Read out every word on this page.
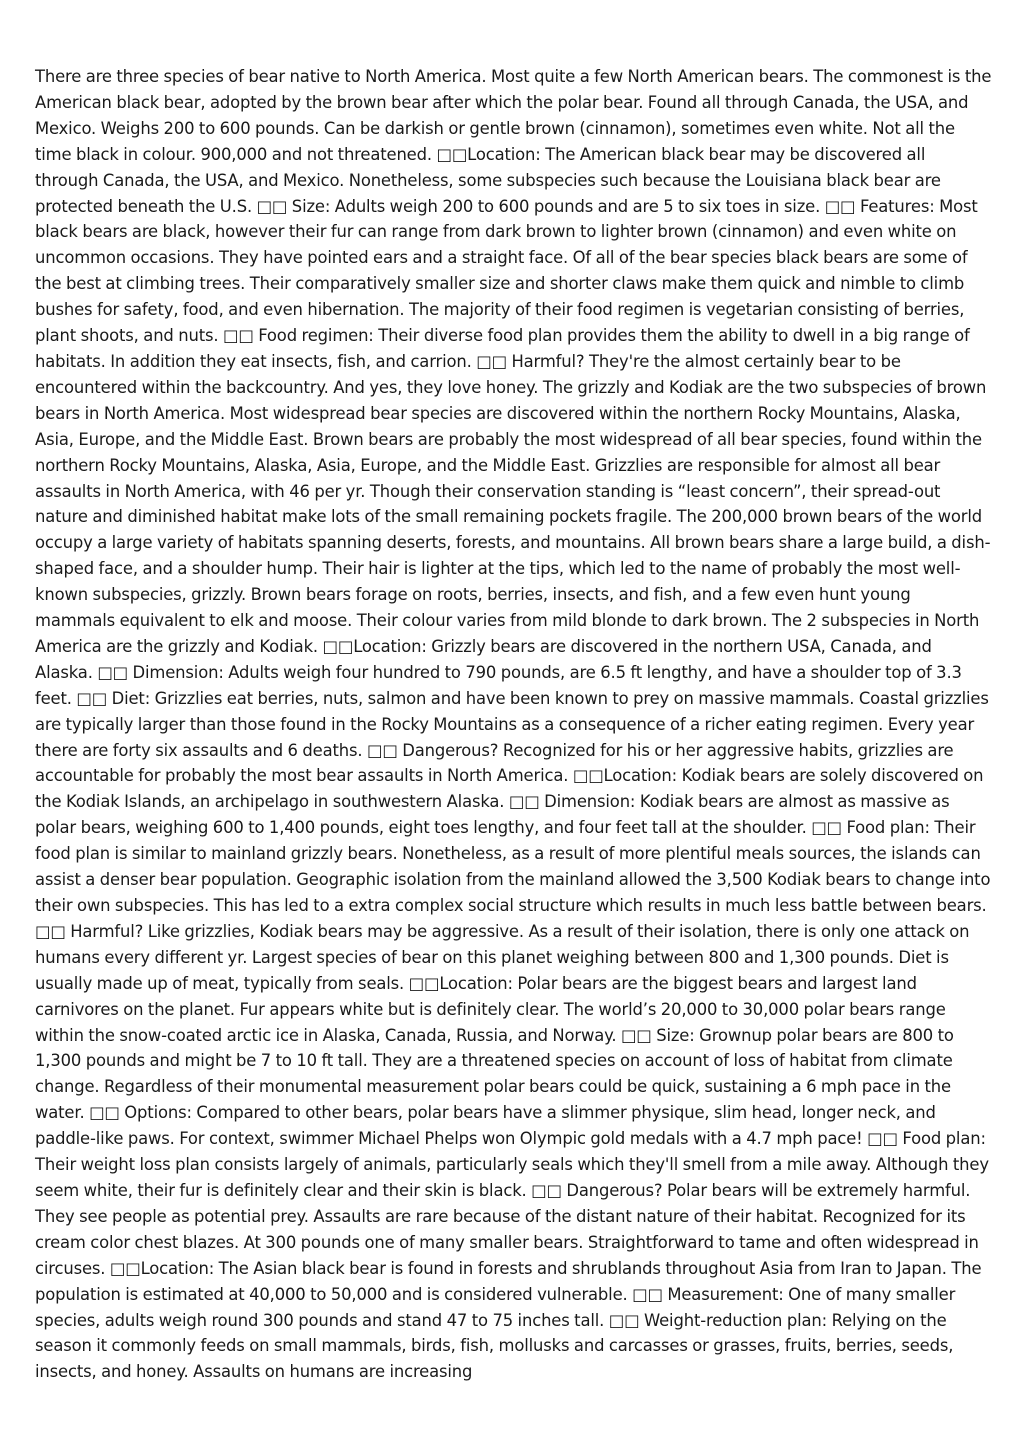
There are three species of bear native to North America. Most quite a few North American bears. The commonest is the American black bear, adopted by the brown bear after which the polar bear. Found all through Canada, the USA, and Mexico. Weighs 200 to 600 pounds. Can be darkish or gentle brown (cinnamon), sometimes even white. Not all the time black in colour. 900,000 and not threatened. □□Location: The American black bear may be discovered all through Canada, the USA, and Mexico. Nonetheless, some subspecies such because the Louisiana black bear are protected beneath the U.S. □□ Size: Adults weigh 200 to 600 pounds and are 5 to six toes in size. □□ Features: Most black bears are black, however their fur can range from dark brown to lighter brown (cinnamon) and even white on uncommon occasions. They have pointed ears and a straight face. Of all of the bear species black bears are some of the best at climbing trees. Their comparatively smaller size and shorter claws make them quick and nimble to climb bushes for safety, food, and even hibernation. The majority of their food regimen is vegetarian consisting of berries, plant shoots, and nuts. □□ Food regimen: Their diverse food plan provides them the ability to dwell in a big range of habitats. In addition they eat insects, fish, and carrion. □□ Harmful? They're the almost certainly bear to be encountered within the backcountry. And yes, they love honey. The grizzly and Kodiak are the two subspecies of brown bears in North America. Most widespread bear species are discovered within the northern Rocky Mountains, Alaska, Asia, Europe, and the Middle East. Brown bears are probably the most widespread of all bear species, found within the northern Rocky Mountains, Alaska, Asia, Europe, and the Middle East. Grizzlies are responsible for almost all bear assaults in North America, with 46 per yr. Though their conservation standing is “least concern”, their spread-out nature and diminished habitat make lots of the small remaining pockets fragile. The 200,000 brown bears of the world occupy a large variety of habitats spanning deserts, forests, and mountains. All brown bears share a large build, a dish-shaped face, and a shoulder hump. Their hair is lighter at the tips, which led to the name of probably the most well-known subspecies, grizzly. Brown bears forage on roots, berries, insects, and fish, and a few even hunt young mammals equivalent to elk and moose. Their colour varies from mild blonde to dark brown. The 2 subspecies in North America are the grizzly and Kodiak. □□Location: Grizzly bears are discovered in the northern USA, Canada, and Alaska. □□ Dimension: Adults weigh four hundred to 790 pounds, are 6.5 ft lengthy, and have a shoulder top of 3.3 feet. □□ Diet: Grizzlies eat berries, nuts, salmon and have been known to prey on massive mammals. Coastal grizzlies are typically larger than those found in the Rocky Mountains as a consequence of a richer eating regimen. Every year there are forty six assaults and 6 deaths. □□ Dangerous? Recognized for his or her aggressive habits, grizzlies are accountable for probably the most bear assaults in North America. □□Location: Kodiak bears are solely discovered on the Kodiak Islands, an archipelago in southwestern Alaska. □□ Dimension: Kodiak bears are almost as massive as polar bears, weighing 600 to 1,400 pounds, eight toes lengthy, and four feet tall at the shoulder. □□ Food plan: Their food plan is similar to mainland grizzly bears. Nonetheless, as a result of more plentiful meals sources, the islands can assist a denser bear population. Geographic isolation from the mainland allowed the 3,500 Kodiak bears to change into their own subspecies. This has led to a extra complex social structure which results in much less battle between bears. □□ Harmful? Like grizzlies, Kodiak bears may be aggressive. As a result of their isolation, there is only one attack on humans every different yr. Largest species of bear on this planet weighing between 800 and 1,300 pounds. Diet is usually made up of meat, typically from seals. □□Location: Polar bears are the biggest bears and largest land carnivores on the planet. Fur appears white but is definitely clear. The world’s 20,000 to 30,000 polar bears range within the snow-coated arctic ice in Alaska, Canada, Russia, and Norway. □□ Size: Grownup polar bears are 800 to 1,300 pounds and might be 7 to 10 ft tall. They are a threatened species on account of loss of habitat from climate change. Regardless of their monumental measurement polar bears could be quick, sustaining a 6 mph pace in the water. □□ Options: Compared to other bears, polar bears have a slimmer physique, slim head, longer neck, and paddle-like paws. For context, swimmer Michael Phelps won Olympic gold medals with a 4.7 mph pace! □□ Food plan: Their weight loss plan consists largely of animals, particularly seals which they'll smell from a mile away. Although they seem white, their fur is definitely clear and their skin is black. □□ Dangerous? Polar bears will be extremely harmful. They see people as potential prey. Assaults are rare because of the distant nature of their habitat. Recognized for its cream color chest blazes. At 300 pounds one of many smaller bears. Straightforward to tame and often widespread in circuses. □□Location: The Asian black bear is found in forests and shrublands throughout Asia from Iran to Japan. The population is estimated at 40,000 to 50,000 and is considered vulnerable. □□ Measurement: One of many smaller species, adults weigh round 300 pounds and stand 47 to 75 inches tall. □□ Weight-reduction plan: Relying on the season it commonly feeds on small mammals, birds, fish, mollusks and carcasses or grasses, fruits, berries, seeds, insects, and honey. Assaults on humans are increasing
